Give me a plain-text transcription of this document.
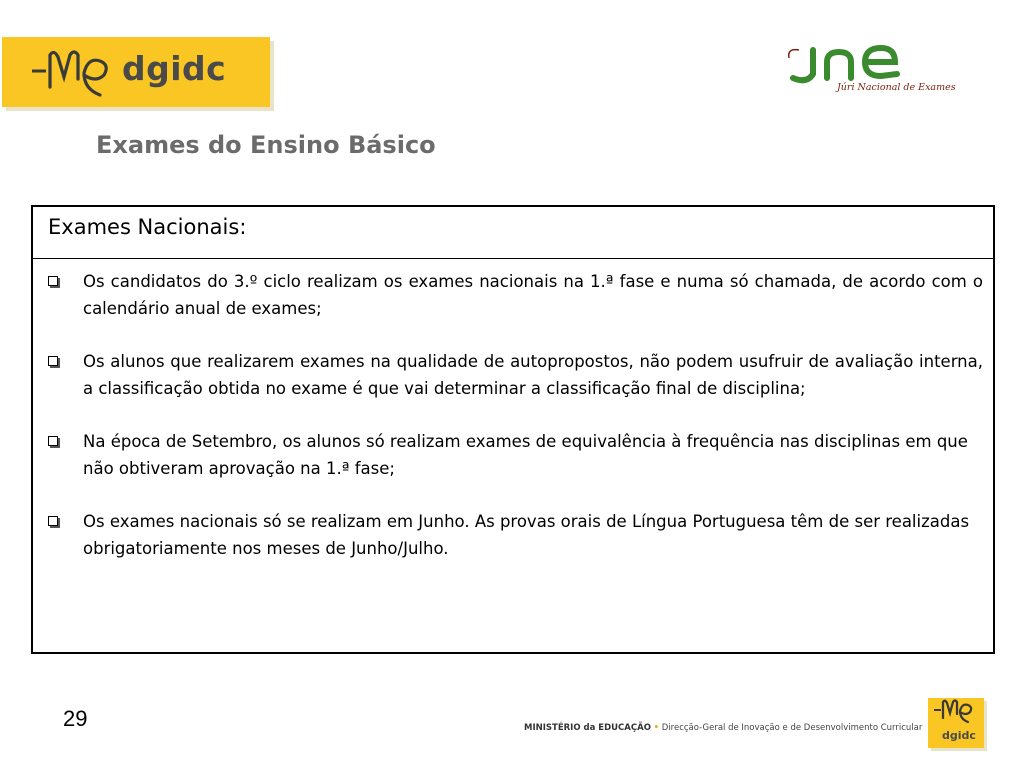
dgidc	Júri Nacional de Exames
Exames do Ensino Básico
Exames Nacionais:
Os candidatos do 3.º ciclo realizam os exames nacionais na 1.ª fase e numa só chamada, de acordo com o calendário anual de exames;
Os alunos que realizarem exames na qualidade de autopropostos, não podem usufruir de avaliação interna, a classificação obtida no exame é que vai determinar a classificação final de disciplina;
Na época de Setembro, os alunos só realizam exames de equivalência à frequência nas disciplinas em que não obtiveram aprovação na 1.ª fase;
Os exames nacionais só se realizam em Junho. As provas orais de Língua Portuguesa têm de ser realizadas obrigatoriamente nos meses de Junho/Julho.
29	MINISTÉRIO da EDUCAÇÃO • Direcção-Geral de Inovação e de Desenvolvimento Curricular
dgidc
